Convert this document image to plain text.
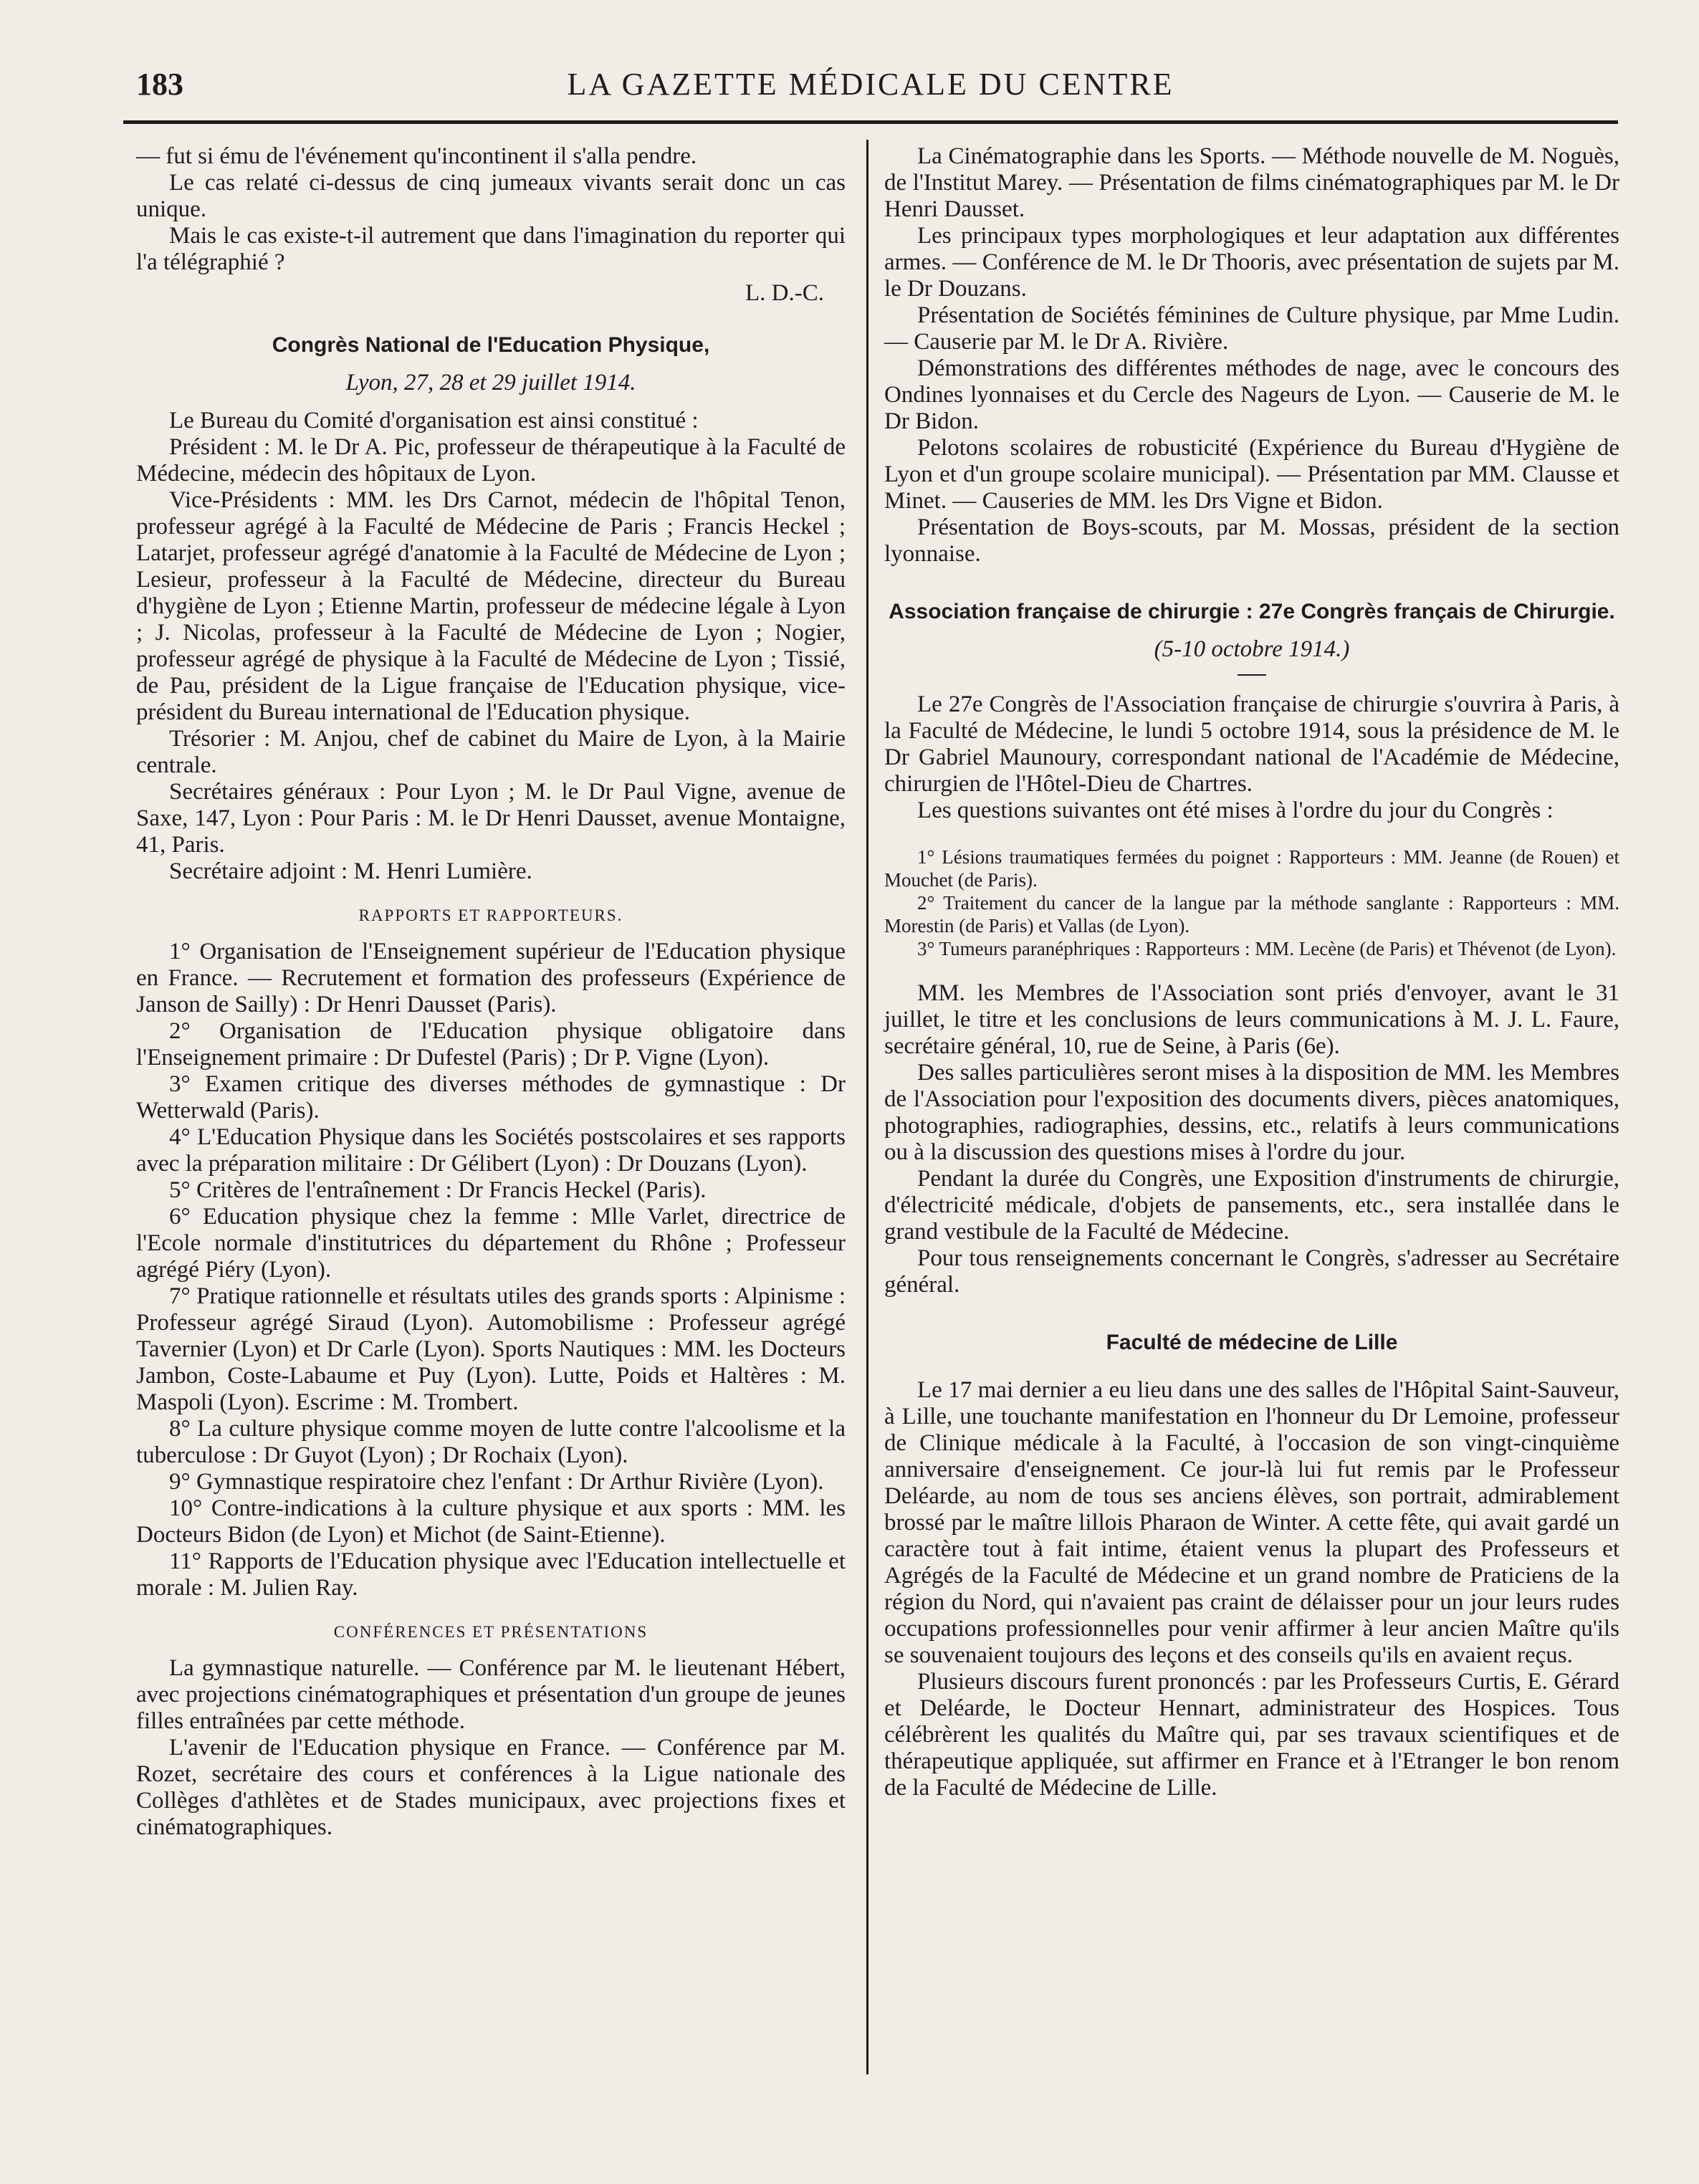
183	LA GAZETTE MÉDICALE DU CENTRE

— fut si ému de l'événement qu'incontinent il s'alla pendre.

Le cas relaté ci-dessus de cinq jumeaux vivants serait donc un cas unique.

Mais le cas existe-t-il autrement que dans l'imagination du reporter qui l'a télégraphié ?

L. D.-C.
Congrès National de l'Education Physique,
Lyon, 27, 28 et 29 juillet 1914.

Le Bureau du Comité d'organisation est ainsi constitué :

Président : M. le Dr A. Pic, professeur de thérapeutique à la Faculté de Médecine, médecin des hôpitaux de Lyon.

Vice-Présidents : MM. les Drs Carnot, médecin de l'hôpital Tenon, professeur agrégé à la Faculté de Médecine de Paris ; Francis Heckel ; Latarjet, professeur agrégé d'anatomie à la Faculté de Médecine de Lyon ; Lesieur, professeur à la Faculté de Médecine, directeur du Bureau d'hygiène de Lyon ; Etienne Martin, professeur de médecine légale à Lyon ; J. Nicolas, professeur à la Faculté de Médecine de Lyon ; Nogier, professeur agrégé de physique à la Faculté de Médecine de Lyon ; Tissié, de Pau, président de la Ligue française de l'Education physique, vice-président du Bureau international de l'Education physique.

Trésorier : M. Anjou, chef de cabinet du Maire de Lyon, à la Mairie centrale.

Secrétaires généraux : Pour Lyon ; M. le Dr Paul Vigne, avenue de Saxe, 147, Lyon : Pour Paris : M. le Dr Henri Dausset, avenue Montaigne, 41, Paris.

Secrétaire adjoint : M. Henri Lumière.

RAPPORTS ET RAPPORTEURS.

1° Organisation de l'Enseignement supérieur de l'Education physique en France. — Recrutement et formation des professeurs (Expérience de Janson de Sailly) : Dr Henri Dausset (Paris).

2° Organisation de l'Education physique obligatoire dans l'Enseignement primaire : Dr Dufestel (Paris) ; Dr P. Vigne (Lyon).

3° Examen critique des diverses méthodes de gymnastique : Dr Wetterwald (Paris).

4° L'Education Physique dans les Sociétés postscolaires et ses rapports avec la préparation militaire : Dr Gélibert (Lyon) : Dr Douzans (Lyon).

5° Critères de l'entraînement : Dr Francis Heckel (Paris).

6° Education physique chez la femme : Mlle Varlet, directrice de l'Ecole normale d'institutrices du département du Rhône ; Professeur agrégé Piéry (Lyon).

7° Pratique rationnelle et résultats utiles des grands sports : Alpinisme : Professeur agrégé Siraud (Lyon). Automobilisme : Professeur agrégé Tavernier (Lyon) et Dr Carle (Lyon). Sports Nautiques : MM. les Docteurs Jambon, Coste-Labaume et Puy (Lyon). Lutte, Poids et Haltères : M. Maspoli (Lyon). Escrime : M. Trombert.

8° La culture physique comme moyen de lutte contre l'alcoolisme et la tuberculose : Dr Guyot (Lyon) ; Dr Rochaix (Lyon).

9° Gymnastique respiratoire chez l'enfant : Dr Arthur Rivière (Lyon).

10° Contre-indications à la culture physique et aux sports : MM. les Docteurs Bidon (de Lyon) et Michot (de Saint-Etienne).

11° Rapports de l'Education physique avec l'Education intellectuelle et morale : M. Julien Ray.

CONFÉRENCES ET PRÉSENTATIONS

La gymnastique naturelle. — Conférence par M. le lieutenant Hébert, avec projections cinématographiques et présentation d'un groupe de jeunes filles entraînées par cette méthode.

L'avenir de l'Education physique en France. — Conférence par M. Rozet, secrétaire des cours et conférences à la Ligue nationale des Collèges d'athlètes et de Stades municipaux, avec projections fixes et cinématographiques.

La Cinématographie dans les Sports. — Méthode nouvelle de M. Noguès, de l'Institut Marey. — Présentation de films cinématographiques par M. le Dr Henri Dausset.

Les principaux types morphologiques et leur adaptation aux différentes armes. — Conférence de M. le Dr Thooris, avec présentation de sujets par M. le Dr Douzans.

Présentation de Sociétés féminines de Culture physique, par Mme Ludin. — Causerie par M. le Dr A. Rivière.

Démonstrations des différentes méthodes de nage, avec le concours des Ondines lyonnaises et du Cercle des Nageurs de Lyon. — Causerie de M. le Dr Bidon.

Pelotons scolaires de robusticité (Expérience du Bureau d'Hygiène de Lyon et d'un groupe scolaire municipal). — Présentation par MM. Clausse et Minet. — Causeries de MM. les Drs Vigne et Bidon.

Présentation de Boys-scouts, par M. Mossas, président de la section lyonnaise.

Association française de chirurgie : 27e Congrès français de Chirurgie.
(5-10 octobre 1914.)

Le 27e Congrès de l'Association française de chirurgie s'ouvrira à Paris, à la Faculté de Médecine, le lundi 5 octobre 1914, sous la présidence de M. le Dr Gabriel Maunoury, correspondant national de l'Académie de Médecine, chirurgien de l'Hôtel-Dieu de Chartres.

Les questions suivantes ont été mises à l'ordre du jour du Congrès :

1° Lésions traumatiques fermées du poignet : Rapporteurs : MM. Jeanne (de Rouen) et Mouchet (de Paris).

2° Traitement du cancer de la langue par la méthode sanglante : Rapporteurs : MM. Morestin (de Paris) et Vallas (de Lyon).

3° Tumeurs paranéphriques : Rapporteurs : MM. Lecène (de Paris) et Thévenot (de Lyon).

MM. les Membres de l'Association sont priés d'envoyer, avant le 31 juillet, le titre et les conclusions de leurs communications à M. J. L. Faure, secrétaire général, 10, rue de Seine, à Paris (6e).

Des salles particulières seront mises à la disposition de MM. les Membres de l'Association pour l'exposition des documents divers, pièces anatomiques, photographies, radiographies, dessins, etc., relatifs à leurs communications ou à la discussion des questions mises à l'ordre du jour.

Pendant la durée du Congrès, une Exposition d'instruments de chirurgie, d'électricité médicale, d'objets de pansements, etc., sera installée dans le grand vestibule de la Faculté de Médecine.

Pour tous renseignements concernant le Congrès, s'adresser au Secrétaire général.

Faculté de médecine de Lille

Le 17 mai dernier a eu lieu dans une des salles de l'Hôpital Saint-Sauveur, à Lille, une touchante manifestation en l'honneur du Dr Lemoine, professeur de Clinique médicale à la Faculté, à l'occasion de son vingt-cinquième anniversaire d'enseignement. Ce jour-là lui fut remis par le Professeur Deléarde, au nom de tous ses anciens élèves, son portrait, admirablement brossé par le maître lillois Pharaon de Winter. A cette fête, qui avait gardé un caractère tout à fait intime, étaient venus la plupart des Professeurs et Agrégés de la Faculté de Médecine et un grand nombre de Praticiens de la région du Nord, qui n'avaient pas craint de délaisser pour un jour leurs rudes occupations professionnelles pour venir affirmer à leur ancien Maître qu'ils se souvenaient toujours des leçons et des conseils qu'ils en avaient reçus.

Plusieurs discours furent prononcés : par les Professeurs Curtis, E. Gérard et Deléarde, le Docteur Hennart, administrateur des Hospices. Tous célébrèrent les qualités du Maître qui, par ses travaux scientifiques et de thérapeutique appliquée, sut affirmer en France et à l'Etranger le bon renom de la Faculté de Médecine de Lille.
